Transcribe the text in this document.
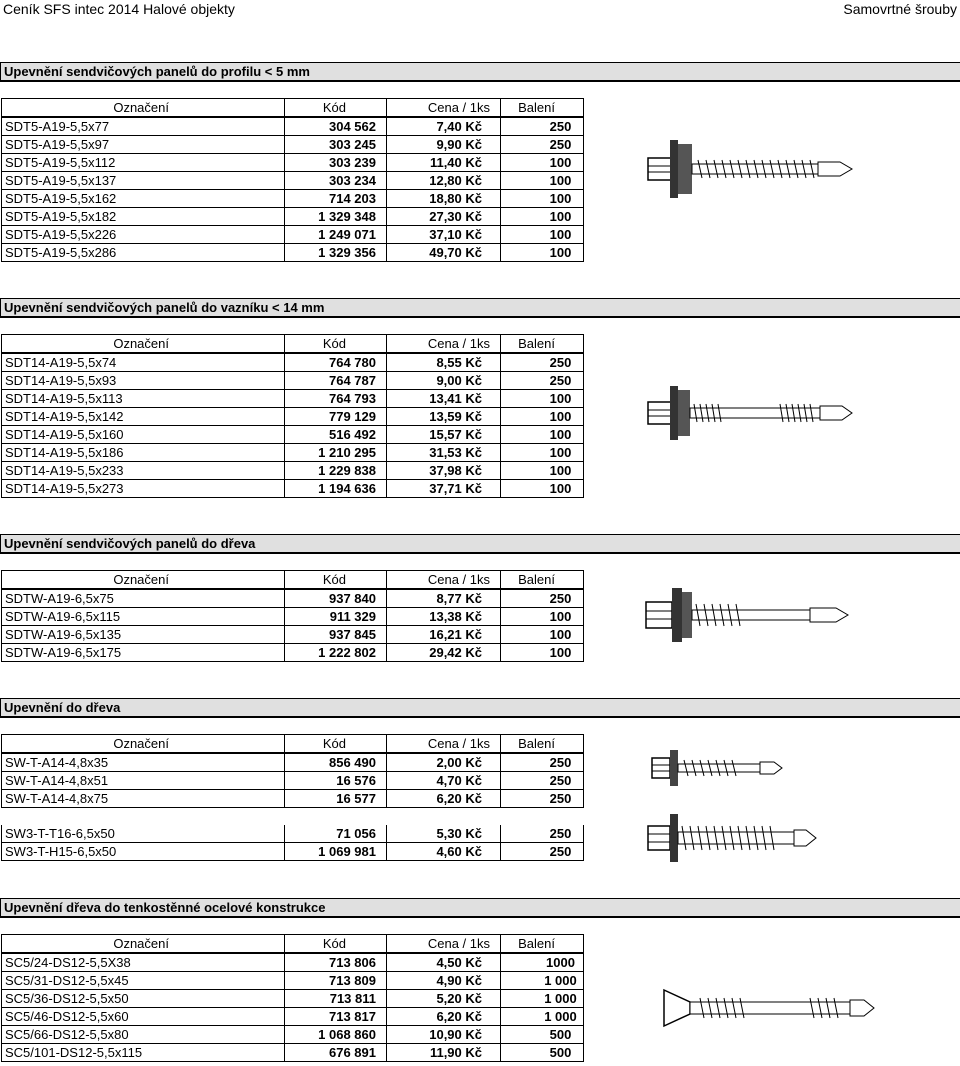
Ceník SFS intec 2014 Halové objekty	Samovrtné šrouby
Upevnění sendvičových panelů do profilu < 5 mm
Označení	Kód	Cena / 1ks	Balení
SDT5-A19-5,5x77	304 562	7,40 Kč	250
SDT5-A19-5,5x97	303 245	9,90 Kč	250
SDT5-A19-5,5x112	303 239	11,40 Kč	100
SDT5-A19-5,5x137	303 234	12,80 Kč	100
SDT5-A19-5,5x162	714 203	18,80 Kč	100
SDT5-A19-5,5x182	1 329 348	27,30 Kč	100
SDT5-A19-5,5x226	1 249 071	37,10 Kč	100
SDT5-A19-5,5x286	1 329 356	49,70 Kč	100
Upevnění sendvičových panelů do vazníku < 14 mm
Označení	Kód	Cena / 1ks	Balení
SDT14-A19-5,5x74	764 780	8,55 Kč	250
SDT14-A19-5,5x93	764 787	9,00 Kč	250
SDT14-A19-5,5x113	764 793	13,41 Kč	100
SDT14-A19-5,5x142	779 129	13,59 Kč	100
SDT14-A19-5,5x160	516 492	15,57 Kč	100
SDT14-A19-5,5x186	1 210 295	31,53 Kč	100
SDT14-A19-5,5x233	1 229 838	37,98 Kč	100
SDT14-A19-5,5x273	1 194 636	37,71 Kč	100
Upevnění sendvičových panelů do dřeva
Označení	Kód	Cena / 1ks	Balení
SDTW-A19-6,5x75	937 840	8,77 Kč	250
SDTW-A19-6,5x115	911 329	13,38 Kč	100
SDTW-A19-6,5x135	937 845	16,21 Kč	100
SDTW-A19-6,5x175	1 222 802	29,42 Kč	100
Upevnění do dřeva
Označení	Kód	Cena / 1ks	Balení
SW-T-A14-4,8x35	856 490	2,00 Kč	250
SW-T-A14-4,8x51	16 576	4,70 Kč	250
SW-T-A14-4,8x75	16 577	6,20 Kč	250

SW3-T-T16-6,5x50	71 056	5,30 Kč	250
SW3-T-H15-6,5x50	1 069 981	4,60 Kč	250
Upevnění dřeva do tenkostěnné ocelové konstrukce
Označení	Kód	Cena / 1ks	Balení
SC5/24-DS12-5,5X38	713 806	4,50 Kč	1000
SC5/31-DS12-5,5x45	713 809	4,90 Kč	1 000
SC5/36-DS12-5,5x50	713 811	5,20 Kč	1 000
SC5/46-DS12-5,5x60	713 817	6,20 Kč	1 000
SC5/66-DS12-5,5x80	1 068 860	10,90 Kč	500
SC5/101-DS12-5,5x115	676 891	11,90 Kč	500
